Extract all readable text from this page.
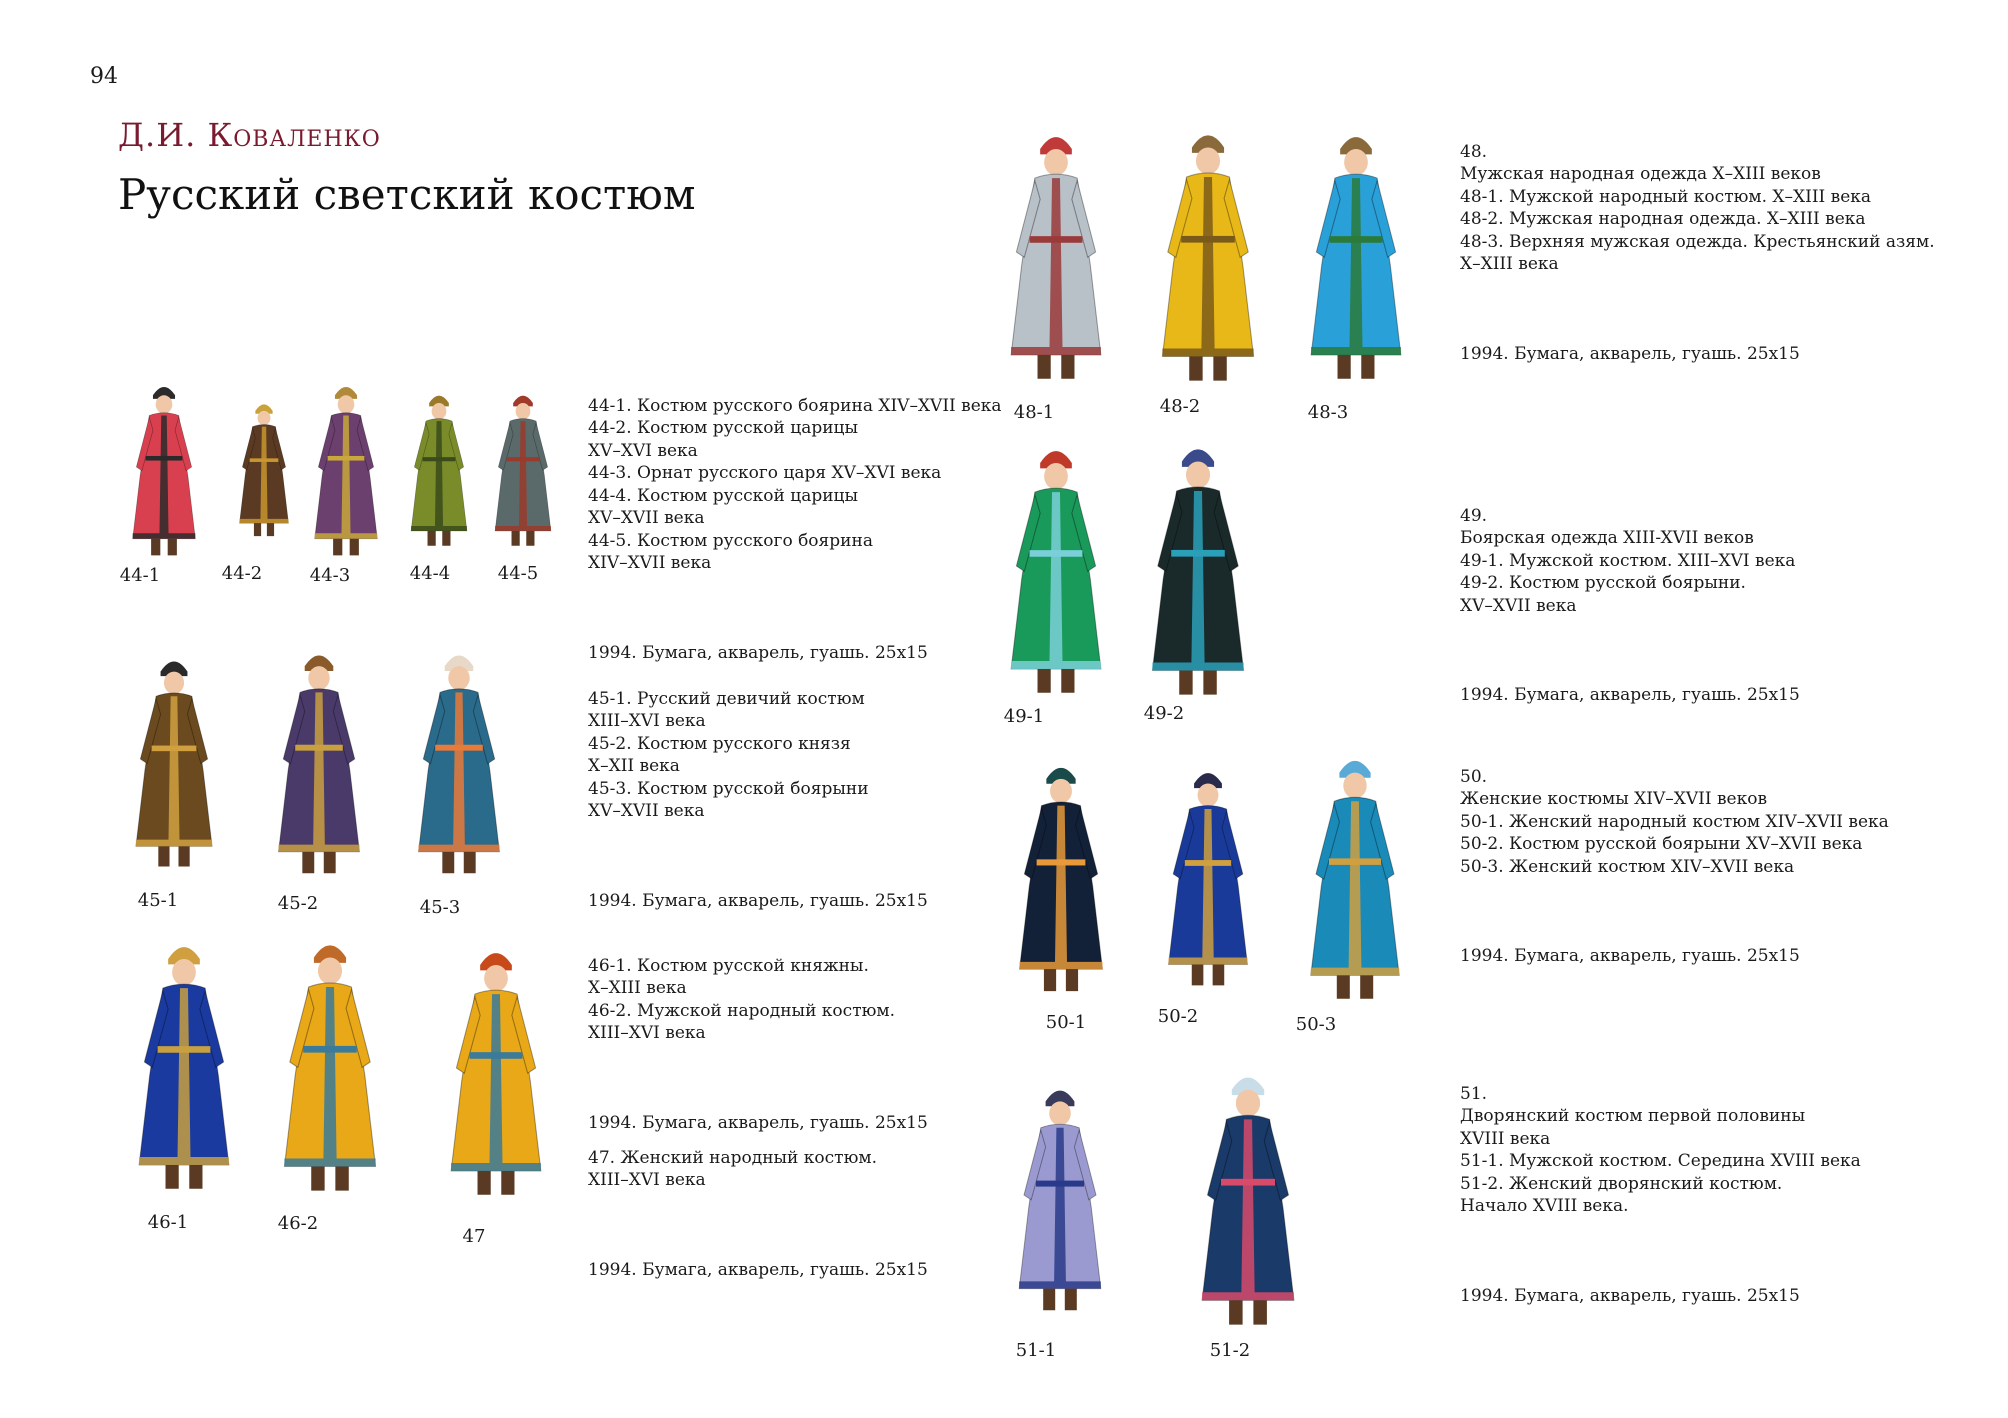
94
Д.И. Коваленко
Русский светский костюм
44-1	44-2	44-3	44-4	44-5
45-1	45-2	45-3
46-1	46-2
47
48-1	48-2	48-3
49-1	49-2
50-1	50-2	50-3
51-1	51-2

44-1. Костюм русского боярина XIV–XVII века
44-2. Костюм русской царицы
XV–XVI века
44-3. Орнат русского царя XV–XVI века
44-4. Костюм русской царицы
XV–XVII века
44-5. Костюм русского боярина
XIV–XVII века

1994. Бумага, акварель, гуашь. 25х15

45-1. Русский девичий костюм
XIII–XVI века
45-2. Костюм русского князя
X–XII века
45-3. Костюм русской боярыни
XV–XVII века

1994. Бумага, акварель, гуашь. 25х15

46-1. Костюм русской княжны.
X–XIII века
46-2. Мужской народный костюм.
XIII–XVI века

1994. Бумага, акварель, гуашь. 25х15

47. Женский народный костюм.
XIII–XVI века

1994. Бумага, акварель, гуашь. 25х15

48.
Мужская народная одежда X–XIII веков
48-1. Мужской народный костюм. X–XIII века
48-2. Мужская народная одежда. X–XIII века
48-3. Верхняя мужская одежда. Крестьянский азям.
X–XIII века

1994. Бумага, акварель, гуашь. 25х15

49.
Боярская одежда XIII-XVII веков
49-1. Мужской костюм. XIII–XVI века
49-2. Костюм русской боярыни.
XV–XVII века

1994. Бумага, акварель, гуашь. 25х15

50.
Женские костюмы XIV–XVII веков
50-1. Женский народный костюм XIV–XVII века
50-2. Костюм русской боярыни XV–XVII века
50-3. Женский костюм XIV–XVII века

1994. Бумага, акварель, гуашь. 25х15

51.
Дворянский костюм первой половины
XVIII века
51-1. Мужской костюм. Середина XVIII века
51-2. Женский дворянский костюм.
Начало XVIII века.

1994. Бумага, акварель, гуашь. 25х15
